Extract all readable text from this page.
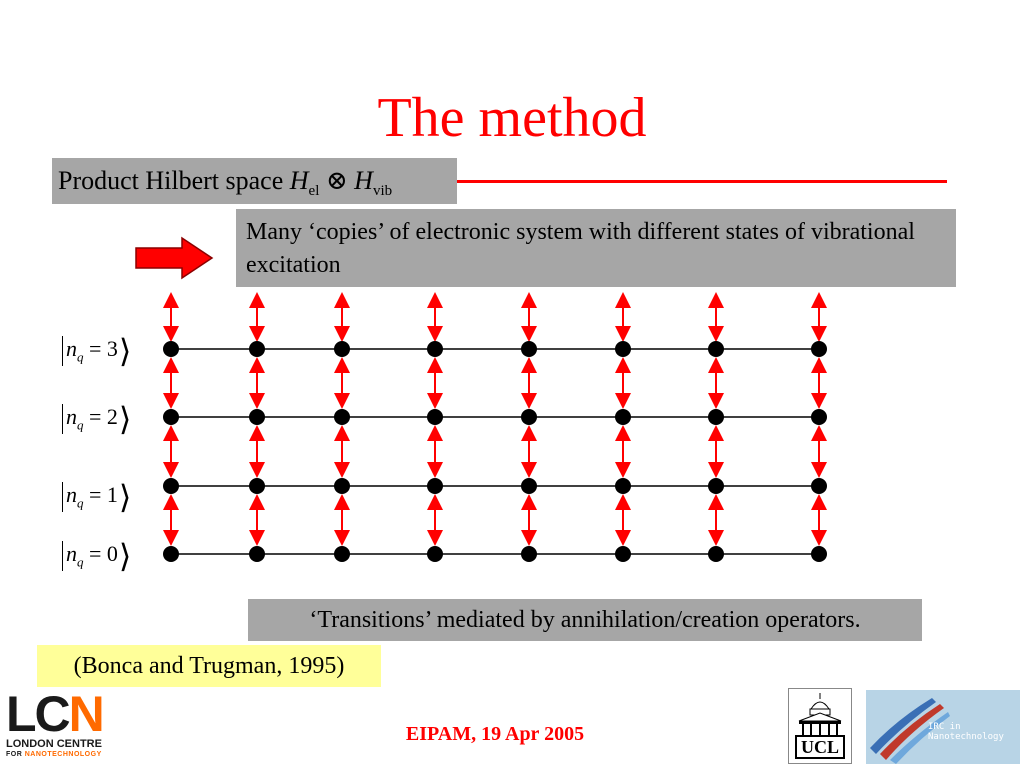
The method
Product Hilbert space $H_{el}$ ⊗ $H_{vib}$
Many ‘copies’ of electronic system with different states of vibrational excitation
$n_q$ = 3⟩
$n_q$ = 2⟩
$n_q$ = 1⟩
$n_q$ = 0⟩
‘Transitions’ mediated by annihilation/creation operators.
(Bonca and Trugman, 1995)
LCN
LONDON CENTRE
FOR NANOTECHNOLOGY
EIPAM, 19 Apr 2005
UCL
IRC in
Nanotechnology
